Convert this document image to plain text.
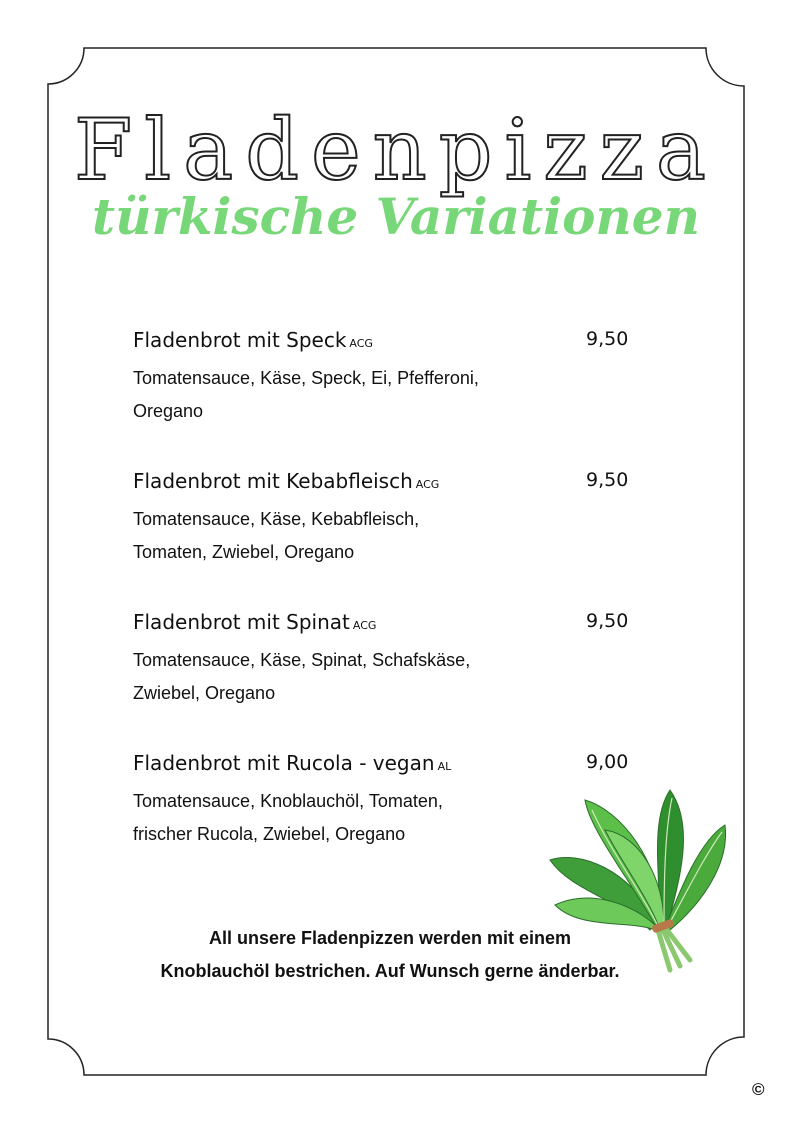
Fladenpizza
türkische Variationen
Fladenbrot mit Speck ACG	9,50
Tomatensauce, Käse, Speck, Ei, Pfefferoni,
Oregano
Fladenbrot mit Kebabfleisch ACG	9,50
Tomatensauce, Käse, Kebabfleisch,
Tomaten, Zwiebel, Oregano
Fladenbrot mit Spinat ACG	9,50
Tomatensauce, Käse, Spinat, Schafskäse,
Zwiebel, Oregano
Fladenbrot mit Rucola - vegan AL	9,00
Tomatensauce, Knoblauchöl, Tomaten,
frischer Rucola, Zwiebel, Oregano
All unsere Fladenpizzen werden mit einem
Knoblauchöl bestrichen. Auf Wunsch gerne änderbar.
©
